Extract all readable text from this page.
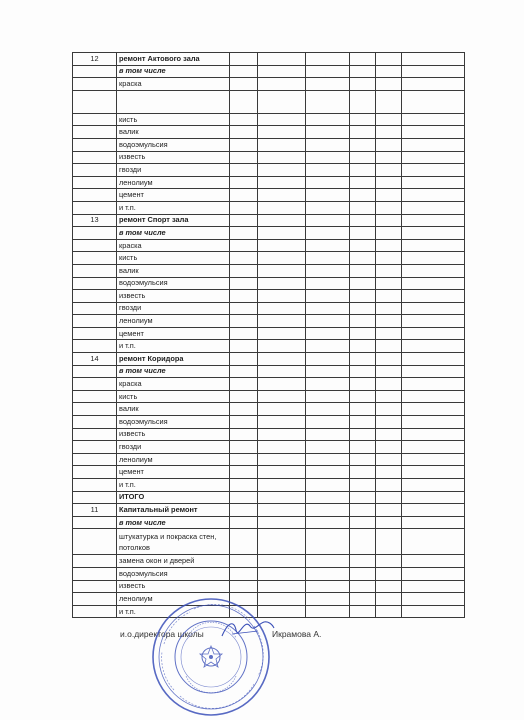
12	ремонт Актового зала						
	в том числе						
	краска						

	кисть						
	валик						
	водоэмульсия						
	известь						
	гвозди						
	ленолиум						
	цемент						
	и т.п.						
13	ремонт Спорт зала						
	в том числе						
	краска						
	кисть						
	валик						
	водоэмульсия						
	известь						
	гвозди						
	ленолиум						
	цемент						
	и т.п.						
14	ремонт Коридора						
	в том числе						
	краска						
	кисть						
	валик						
	водоэмульсия						
	известь						
	гвозди						
	ленолиум						
	цемент						
	и т.п.						
	ИТОГО						
11	Капитальный ремонт						
	в том числе						
	штукатурка и покраска стен, потолков						
	замена окон и дверей						
	водоэмульсия						
	известь						
	ленолиум						
	и т.п.						
и.о.директора школы	Икрамова А.
